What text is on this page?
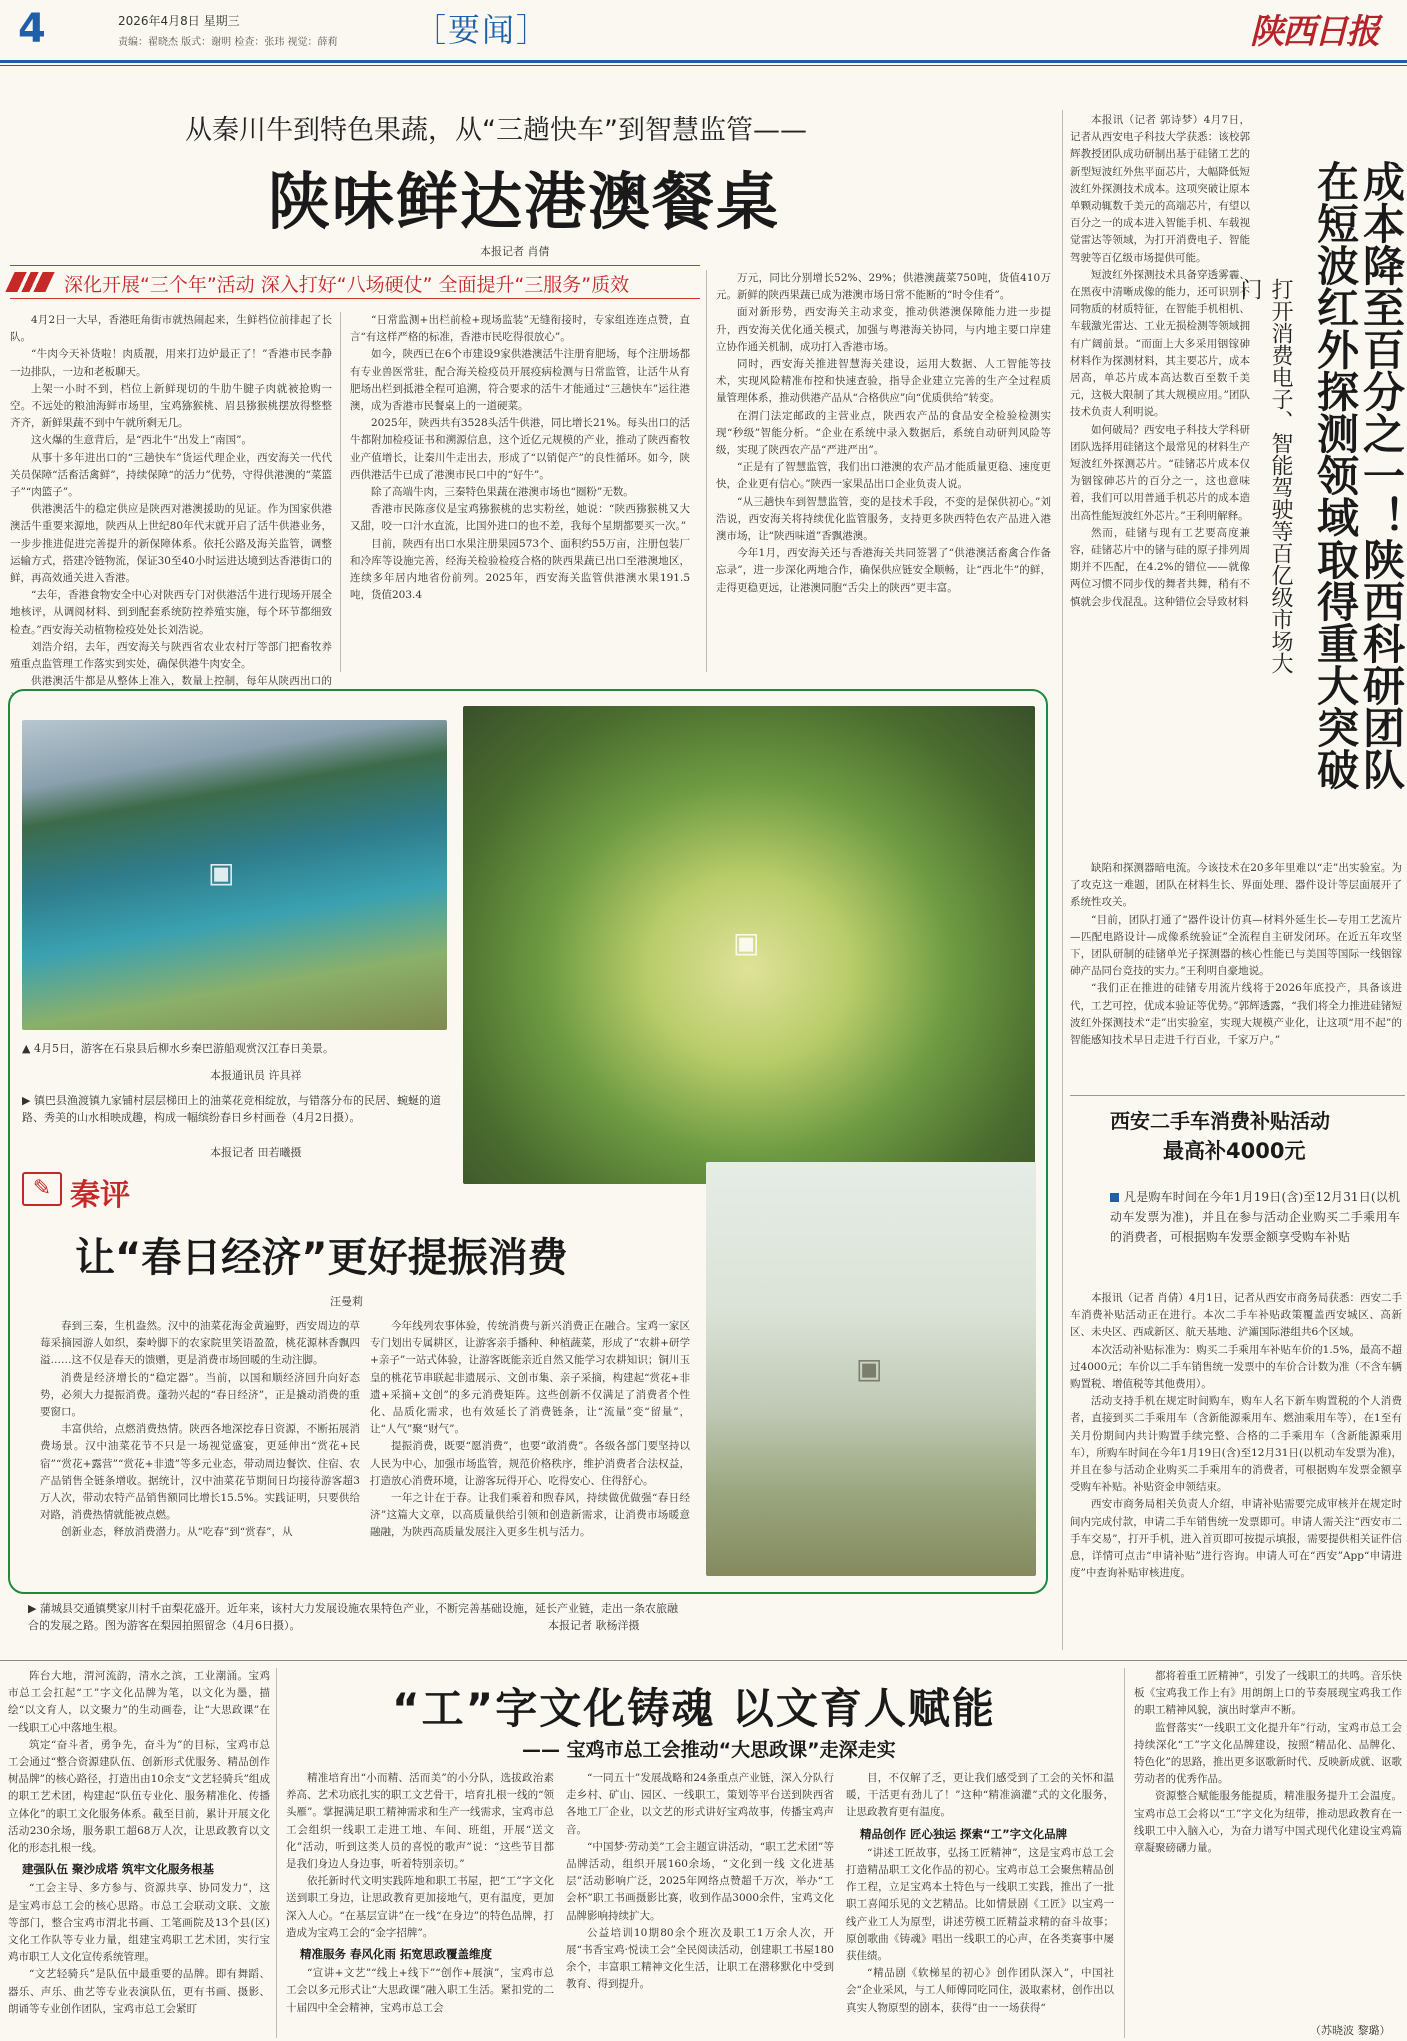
4	2026年4月8日 星期三
责编：翟晓杰 版式：谢明 检查：张玮 视觉：薛莉 ［要闻］	陕西日报
从秦川牛到特色果蔬，从“三趟快车”到智慧监管——
陕味鲜达港澳餐桌
本报记者 肖倩
深化开展“三个年”活动 深入打好“八场硬仗” 全面提升“三服务”质效

4月2日一大早，香港旺角街市就热闹起来，生鲜档位前排起了长队。

“牛肉今天补货啦！肉质靓，用来打边炉最正了！”香港市民李静一边排队，一边和老板聊天。

上架一小时不到，档位上新鲜现切的牛肋牛腱子肉就被抢购一空。不远处的粮油海鲜市场里，宝鸡猕猴桃、眉县猕猴桃摆放得整整齐齐，新鲜果蔬不到中午就所剩无几。

这火爆的生意背后，是“西北牛”出发上“南国”。

从事十多年进出口的“三趟快车”货运代理企业，西安海关一代代关员保障“活畜活禽鲜”，持续保障“的活力”优势，守得供港澳的“菜篮子”“肉篮子”。

供港澳活牛的稳定供应是陕西对港澳援助的见证。作为国家供港澳活牛重要来源地，陕西从上世纪80年代末就开启了活牛供港业务，一步步推进促进完善提升的新保障体系。依托公路及海关监管，调整运输方式，搭建冷链物流，保证30至40小时运进达境到达香港街口的鲜，再高效通关进入香港。

“去年，香港食物安全中心对陕西专门对供港活牛进行现场开展全地核评，从调阅材料、到到配套系统防控养殖实施，每个环节都细致检查。”西安海关动植物检疫处处长刘浩说。

刘浩介绍，去年，西安海关与陕西省农业农村厅等部门把畜牧养殖重点监管理工作落实到实处，确保供港牛肉安全。

供港澳活牛都是从整体上准入，数量上控制，每年从陕西出口的

“日常监测+出栏前检+现场监装”无缝衔接时，专家组连连点赞，直言“有这样严格的标准，香港市民吃得很放心”。

如今，陕西已在6个市建设9家供港澳活牛注册育肥场，每个注册场都有专业兽医常驻，配合海关检疫员开展疫病检测与日常监管，让活牛从育肥场出栏到抵港全程可追溯，符合要求的活牛才能通过“三趟快车”运往港澳，成为香港市民餐桌上的一道硬菜。

2025年，陕西共有3528头活牛供港，同比增长21%。每头出口的活牛都附加检疫证书和溯源信息，这个近亿元规模的产业，推动了陕西畜牧业产值增长，让秦川牛走出去，形成了“以销促产”的良性循环。如今，陕西供港活牛已成了港澳市民口中的“好牛”。

除了高端牛肉，三秦特色果蔬在港澳市场也“圈粉”无数。

香港市民陈彦仪是宝鸡猕猴桃的忠实粉丝，她说：“陕西猕猴桃又大又甜，咬一口汁水直流，比国外进口的也不差，我每个星期都要买一次。”

目前，陕西有出口水果注册果园573个、面积约55万亩，注册包装厂和冷库等设施完善，经海关检验检疫合格的陕西果蔬已出口至港澳地区，连续多年居内地省份前列。2025年，西安海关监管供港澳水果191.5吨，货值203.4

万元，同比分别增长52%、29%；供港澳蔬菜750吨，货值410万元。新鲜的陕西果蔬已成为港澳市场日常不能断的“时令佳肴”。

面对新形势，西安海关主动求变，推动供港澳保障能力进一步提升，西安海关优化通关模式，加强与粤港海关协同，与内地主要口岸建立协作通关机制，成功打入香港市场。

同时，西安海关推进智慧海关建设，运用大数据、人工智能等技术，实现风险精准布控和快速查验，指导企业建立完善的生产全过程质量管理体系，推动供港产品从“合格供应”向“优质供给”转变。

在渭门法定邮政的主营业点，陕西农产品的食品安全检验检测实现“秒级”智能分析。“企业在系统中录入数据后，系统自动研判风险等级，实现了陕西农产品“严进严出”。

“正是有了智慧监管，我们出口港澳的农产品才能质量更稳、速度更快，企业更有信心。”陕西一家果品出口企业负责人说。

“从三趟快车到智慧监管，变的是技术手段，不变的是保供初心。”刘浩说，西安海关将持续优化监管服务，支持更多陕西特色农产品进入港澳市场，让“陕西味道”香飘港澳。

今年1月，西安海关还与香港海关共同签署了“供港澳活畜禽合作备忘录”，进一步深化两地合作，确保供应链安全顺畅，让“西北牛”的鲜，走得更稳更远，让港澳同胞“舌尖上的陕西”更丰富。	成本降至百分之一！陕西科研团队在短波红外探测领域取得重大突破
打开消费电子、智能驾驶等百亿级市场大门

本报讯（记者 郭诗梦）4月7日，记者从西安电子科技大学获悉：该校郭辉教授团队成功研制出基于硅锗工艺的新型短波红外焦平面芯片，大幅降低短波红外探测技术成本。这项突破让原本单颗动辄数千美元的高端芯片，有望以百分之一的成本进入智能手机、车载视觉雷达等领域，为打开消费电子、智能驾驶等百亿级市场提供可能。

短波红外探测技术具备穿透雾霾、在黑夜中清晰成像的能力，还可识别不同物质的材质特征，在智能手机相机、车载激光雷达、工业无损检测等领域拥有广阔前景。“而面上大多采用铟镓砷材料作为探测材料，其主要芯片，成本居高，单芯片成本高达数百至数千美元，这极大限制了其大规模应用。”团队技术负责人利明说。

如何破局？西安电子科技大学科研团队选择用硅锗这个最常见的材料生产短波红外探测芯片。“硅锗芯片成本仅为铟镓砷芯片的百分之一，这也意味着，我们可以用普通手机芯片的成本造出高性能短波红外芯片。”王利明解释。

然而，硅锗与现有工艺要高度兼容，硅锗芯片中的锗与硅的原子排列周期并不匹配，在4.2%的错位——就像两位习惯不同步伐的舞者共舞，稍有不慎就会步伐混乱。这种错位会导致材料

缺陷和探测器暗电流。今该技术在20多年里难以“走”出实验室。为了攻克这一难题，团队在材料生长、界面处理、器件设计等层面展开了系统性攻关。

“目前，团队打通了“器件设计仿真—材料外延生长—专用工艺流片—匹配电路设计—成像系统验证”全流程自主研发闭环。在近五年攻坚下，团队研制的硅锗单光子探测器的核心性能已与美国等国际一线铟镓砷产品同台竞技的实力。”王利明自豪地说。

“我们正在推进的硅锗专用流片线将于2026年底投产，具备该进代，工艺可控，优成本验证等优势。”郭辉透露，“我们将全力推进硅锗短波红外探测技术“走”出实验室，实现大规模产业化，让这项“用不起”的智能感知技术早日走进千行百业，千家万户。”

西安二手车消费补贴活动
最高补4000元
凡是购车时间在今年1月19日(含)至12月31日(以机动车发票为准)，并且在参与活动企业购买二手乘用车的消费者，可根据购车发票金额享受购车补贴

本报讯（记者 肖倩）4月1日，记者从西安市商务局获悉：西安二手车消费补贴活动正在进行。本次二手车补贴政策覆盖西安城区、高新区、未央区、西咸新区、航天基地、浐灞国际港组共6个区域。

本次活动补贴标准为：购买二手乘用车补贴车价的1.5%，最高不超过4000元；车价以二手车销售统一发票中的车价合计数为准（不含车辆购置税、增值税等其他费用）。

活动支持手机在规定时间购车，购车人名下新车购置税的个人消费者，直接到买二手乘用车（含新能源乘用车、燃油乘用车等），在1至有关月份期间内共计购置手续完整、合格的二手乘用车（含新能源乘用车），所购车时间在今年1月19日(含)至12月31日(以机动车发票为准)，并且在参与活动企业购买二手乘用车的消费者，可根据购车发票金额享受购车补贴。补贴资金申领结束。

西安市商务局相关负责人介绍，申请补贴需要完成审核并在规定时间内完成付款，申请二手车销售统一发票即可。申请人需关注“西安市二手车交易”，打开手机，进入首页即可按提示填报，需要提供相关证件信息，详情可点击“申请补贴”进行咨询。申请人可在“西安”App“申请进度”中查询补贴审核进度。

▣
▣
▲ 4月5日，游客在石泉县后柳水乡秦巴游船观赏汉江春日美景。
本报通讯员 许具祥
▶ 镇巴县渔渡镇九家铺村层层梯田上的油菜花竞相绽放，与错落分布的民居、蜿蜒的道路、秀美的山水相映成趣，构成一幅缤纷春日乡村画卷（4月2日摄）。
本报记者 田若曦摄
✎ 秦评
让“春日经济”更好提振消费
汪曼莉

春到三秦，生机盎然。汉中的油菜花海金黄遍野，西安周边的草莓采摘园游人如织，秦岭脚下的农家院里笑语盈盈，桃花源林香飘四溢……这不仅是春天的馈赠，更是消费市场回暖的生动注脚。

消费是经济增长的“稳定器”。当前，以国和顺经济回升向好态势，必须大力提振消费。蓬勃兴起的“春日经济”，正是撬动消费的重要窗口。

丰富供给，点燃消费热情。陕西各地深挖春日资源，不断拓展消费场景。汉中油菜花节不只是一场视觉盛宴，更延伸出“赏花+民宿”“赏花+露营”“赏花+非遗”等多元业态，带动周边餐饮、住宿、农产品销售全链条增收。据统计，汉中油菜花节期间日均接待游客超3万人次，带动农特产品销售额同比增长15.5%。实践证明，只要供给对路，消费热情就能被点燃。

创新业态，释放消费潜力。从“吃春”到“赏春”，从

今年线列农事体验，传统消费与新兴消费正在融合。宝鸡一家区专门划出专属耕区，让游客亲手播种、种植蔬菜，形成了“农耕+研学+亲子”一站式体验，让游客既能亲近自然又能学习农耕知识；铜川玉皇的桃花节串联起非遗展示、文创市集、亲子采摘，构建起“赏花+非遗+采摘+文创”的多元消费矩阵。这些创新不仅满足了消费者个性化、品质化需求，也有效延长了消费链条，让“流量”变“留量”，让“人气”聚“财气”。

提振消费，既要“愿消费”，也要“敢消费”。各级各部门要坚持以人民为中心，加强市场监管，规范价格秩序，维护消费者合法权益，打造放心消费环境，让游客玩得开心、吃得安心、住得舒心。

一年之计在于春。让我们乘着和煦春风，持续做优做强“春日经济”这篇大文章，以高质量供给引领和创造新需求，让消费市场暖意融融，为陕西高质量发展注入更多生机与活力。

▣
▶ 蒲城县交通镇樊家川村千亩梨花盛开。近年来，该村大力发展设施农果特色产业，不断完善基础设施，延长产业链，走出一条农旅融合的发展之路。图为游客在梨园拍照留念（4月6日摄）。	本报记者 耿杨洋摄
“工”字文化铸魂 以文育人赋能
—— 宝鸡市总工会推动“大思政课”走深走实

阵台大地，渭河流韵，清水之滨，工业潮涌。宝鸡市总工会扛起“工”字文化品牌为笔，以文化为墨，描绘“以文育人，以文聚力”的生动画卷，让“大思政课”在一线职工心中落地生根。

筑定“奋斗者，勇争先，奋斗为”的目标，宝鸡市总工会通过“整合资源建队伍、创新形式优服务、精品创作树品牌”的核心路径，打造出由10余支“文艺轻骑兵”组成的职工艺术团，构建起“队伍专业化、服务精准化、传播立体化”的职工文化服务体系。截至目前，累计开展文化活动230余场，服务职工超68万人次，让思政教育以文化的形态扎根一线。

建强队伍 聚沙成塔 筑牢文化服务根基

“工会主导、多方参与、资源共享、协同发力”，这是宝鸡市总工会的核心思路。市总工会联动文联、文旅等部门，整合宝鸡市渭北书画、工笔画院及13个县(区)文化工作队等专业力量，组建宝鸡职工艺术团，实行宝鸡市职工人文化宣传系统管理。

“文艺轻骑兵”是队伍中最重要的品牌。即有舞蹈、器乐、声乐、曲艺等专业表演队伍，更有书画、摄影、朗诵等专业创作团队，宝鸡市总工会紧盯

精准培育出“小而精、活而美”的小分队，选拔政治素养高、艺术功底扎实的职工文艺骨干，培育扎根一线的“领头雁”。掌握满足职工精神需求和生产一线需求，宝鸡市总工会组织一线职工走进工地、车间、班组，开展“送文化”活动，听到这类人员的喜悦的歌声”说：“这些节目都是我们身边人身边事，听着特别亲切。”

依托新时代文明实践阵地和职工书屋，把“工”字文化送到职工身边，让思政教育更加接地气，更有温度，更加深入人心。“在基层宣讲”在一线“在身边”的特色品牌，打造成为宝鸡工会的“金字招牌”。

精准服务 春风化雨 拓宽思政覆盖维度

“宣讲+文艺”“线上+线下”“创作+展演”，宝鸡市总工会以多元形式让“大思政课”融入职工生活。紧扣党的二十届四中全会精神，宝鸡市总工会

“一同五十”发展战略和24条重点产业链，深入分队行走乡村、矿山、园区、一线职工，策划等平台送到陕西省各地工厂企业，以文艺的形式讲好宝鸡故事，传播宝鸡声音。

“中国梦·劳动美”工会主题宣讲活动，“职工艺术团”等品牌活动，组织开展160余场，“文化到一线 文化进基层”活动影响广泛，2025年网络点赞超千万次，举办“工会杯”职工书画摄影比赛，收到作品3000余件，宝鸡文化品牌影响持续扩大。

公益培训10期80余个班次及职工1万余人次，开展“书香宝鸡·悦读工会”全民阅读活动，创建职工书屋180余个，丰富职工精神文化生活，让职工在潜移默化中受到教育、得到提升。

目，不仅解了乏，更让我们感受到了工会的关怀和温暖，干活更有劲儿了！”这种“精准滴灌”式的文化服务，让思政教育更有温度。

精品创作 匠心独运 探索“工”字文化品牌

“讲述工匠故事，弘扬工匠精神”，这是宝鸡市总工会打造精品职工文化作品的初心。宝鸡市总工会聚焦精品创作工程，立足宝鸡本土特色与一线职工实践，推出了一批职工喜闻乐见的文艺精品。比如情景剧《工匠》以宝鸡一线产业工人为原型，讲述劳模工匠精益求精的奋斗故事；原创歌曲《铸魂》唱出一线职工的心声，在各类赛事中屡获佳绩。

“精品剧《软梯星的初心》创作团队深入”，中国社会“企业采风，与工人师傅同吃同住，汲取素材，创作出以真实人物原型的剧本，获得”由一一场获得“

都将着重工匠精神”，引发了一线职工的共鸣。音乐快板《宝鸡我工作上有》用朗朗上口的节奏展现宝鸡我工作的职工精神风貌，演出时掌声不断。

监督落实“一线职工文化提升年”行动，宝鸡市总工会持续深化“工”字文化品牌建设，按照“精品化、品牌化、特色化”的思路，推出更多讴歌新时代、反映新成就、讴歌劳动者的优秀作品。

资源整合赋能服务能提质，精准服务提升工会温度。宝鸡市总工会将以“工”字文化为纽带，推动思政教育在一线职工中入脑入心，为奋力谱写中国式现代化建设宝鸡篇章凝聚磅礴力量。

（苏晓波 黎璐）
